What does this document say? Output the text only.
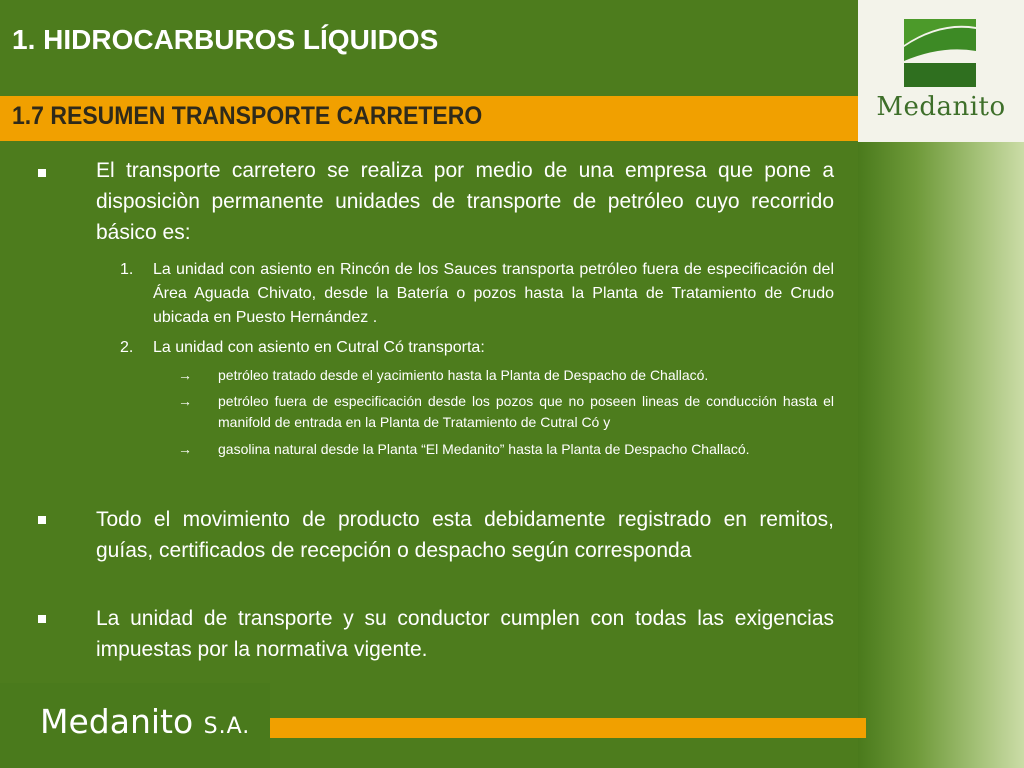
Medanito
1. HIDROCARBUROS LÍQUIDOS
1.7 RESUMEN TRANSPORTE CARRETERO
El transporte carretero se realiza por medio de una empresa que pone a disposiciòn permanente unidades de transporte de petróleo cuyo recorrido básico es:
1. La unidad con asiento en Rincón de los Sauces transporta petróleo fuera de especificación del Área Aguada Chivato, desde la Batería o pozos hasta la Planta de Tratamiento de Crudo ubicada en Puesto Hernández .
2. La unidad con asiento en Cutral Có transporta:
→ petróleo tratado desde el yacimiento hasta la Planta de Despacho de Challacó.
→ petróleo fuera de especificación desde los pozos que no poseen lineas de conducción hasta el manifold de entrada en la Planta de Tratamiento de Cutral Có y
→ gasolina natural desde la Planta “El Medanito” hasta la Planta de Despacho Challacó.
Todo el movimiento de producto esta debidamente registrado en remitos, guías, certificados de recepción o despacho según corresponda
La unidad de transporte y su conductor cumplen con todas las exigencias impuestas por la normativa vigente.
Medanito S.A.
